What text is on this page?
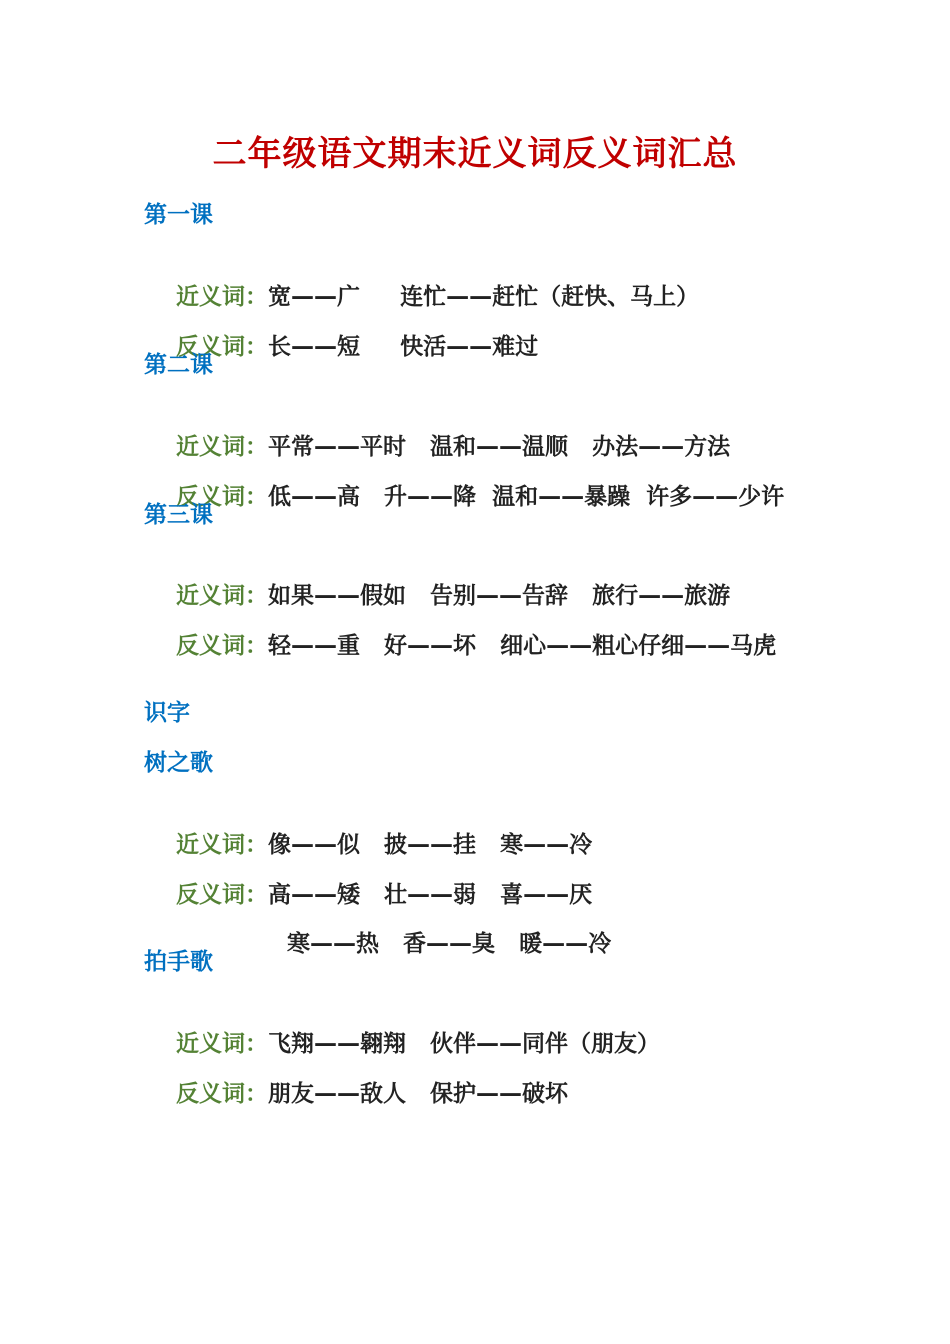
二年级语文期末近义词反义词汇总
第一课

近义词：宽——广     连忙——赶忙（赶快、马上）

反义词：长——短     快活——难过

第二课

近义词：平常——平时   温和——温顺   办法——方法

反义词：低——高   升——降  温和——暴躁  许多——少许

第三课

近义词：如果——假如   告别——告辞   旅行——旅游

反义词：轻——重   好——坏   细心——粗心仔细——马虎

识字
树之歌

近义词：像——似   披——挂   寒——冷

反义词：高——矮   壮——弱   喜——厌

寒——热   香——臭   暖——冷

拍手歌

近义词：飞翔——翱翔   伙伴——同伴（朋友）

反义词：朋友——敌人   保护——破坏
